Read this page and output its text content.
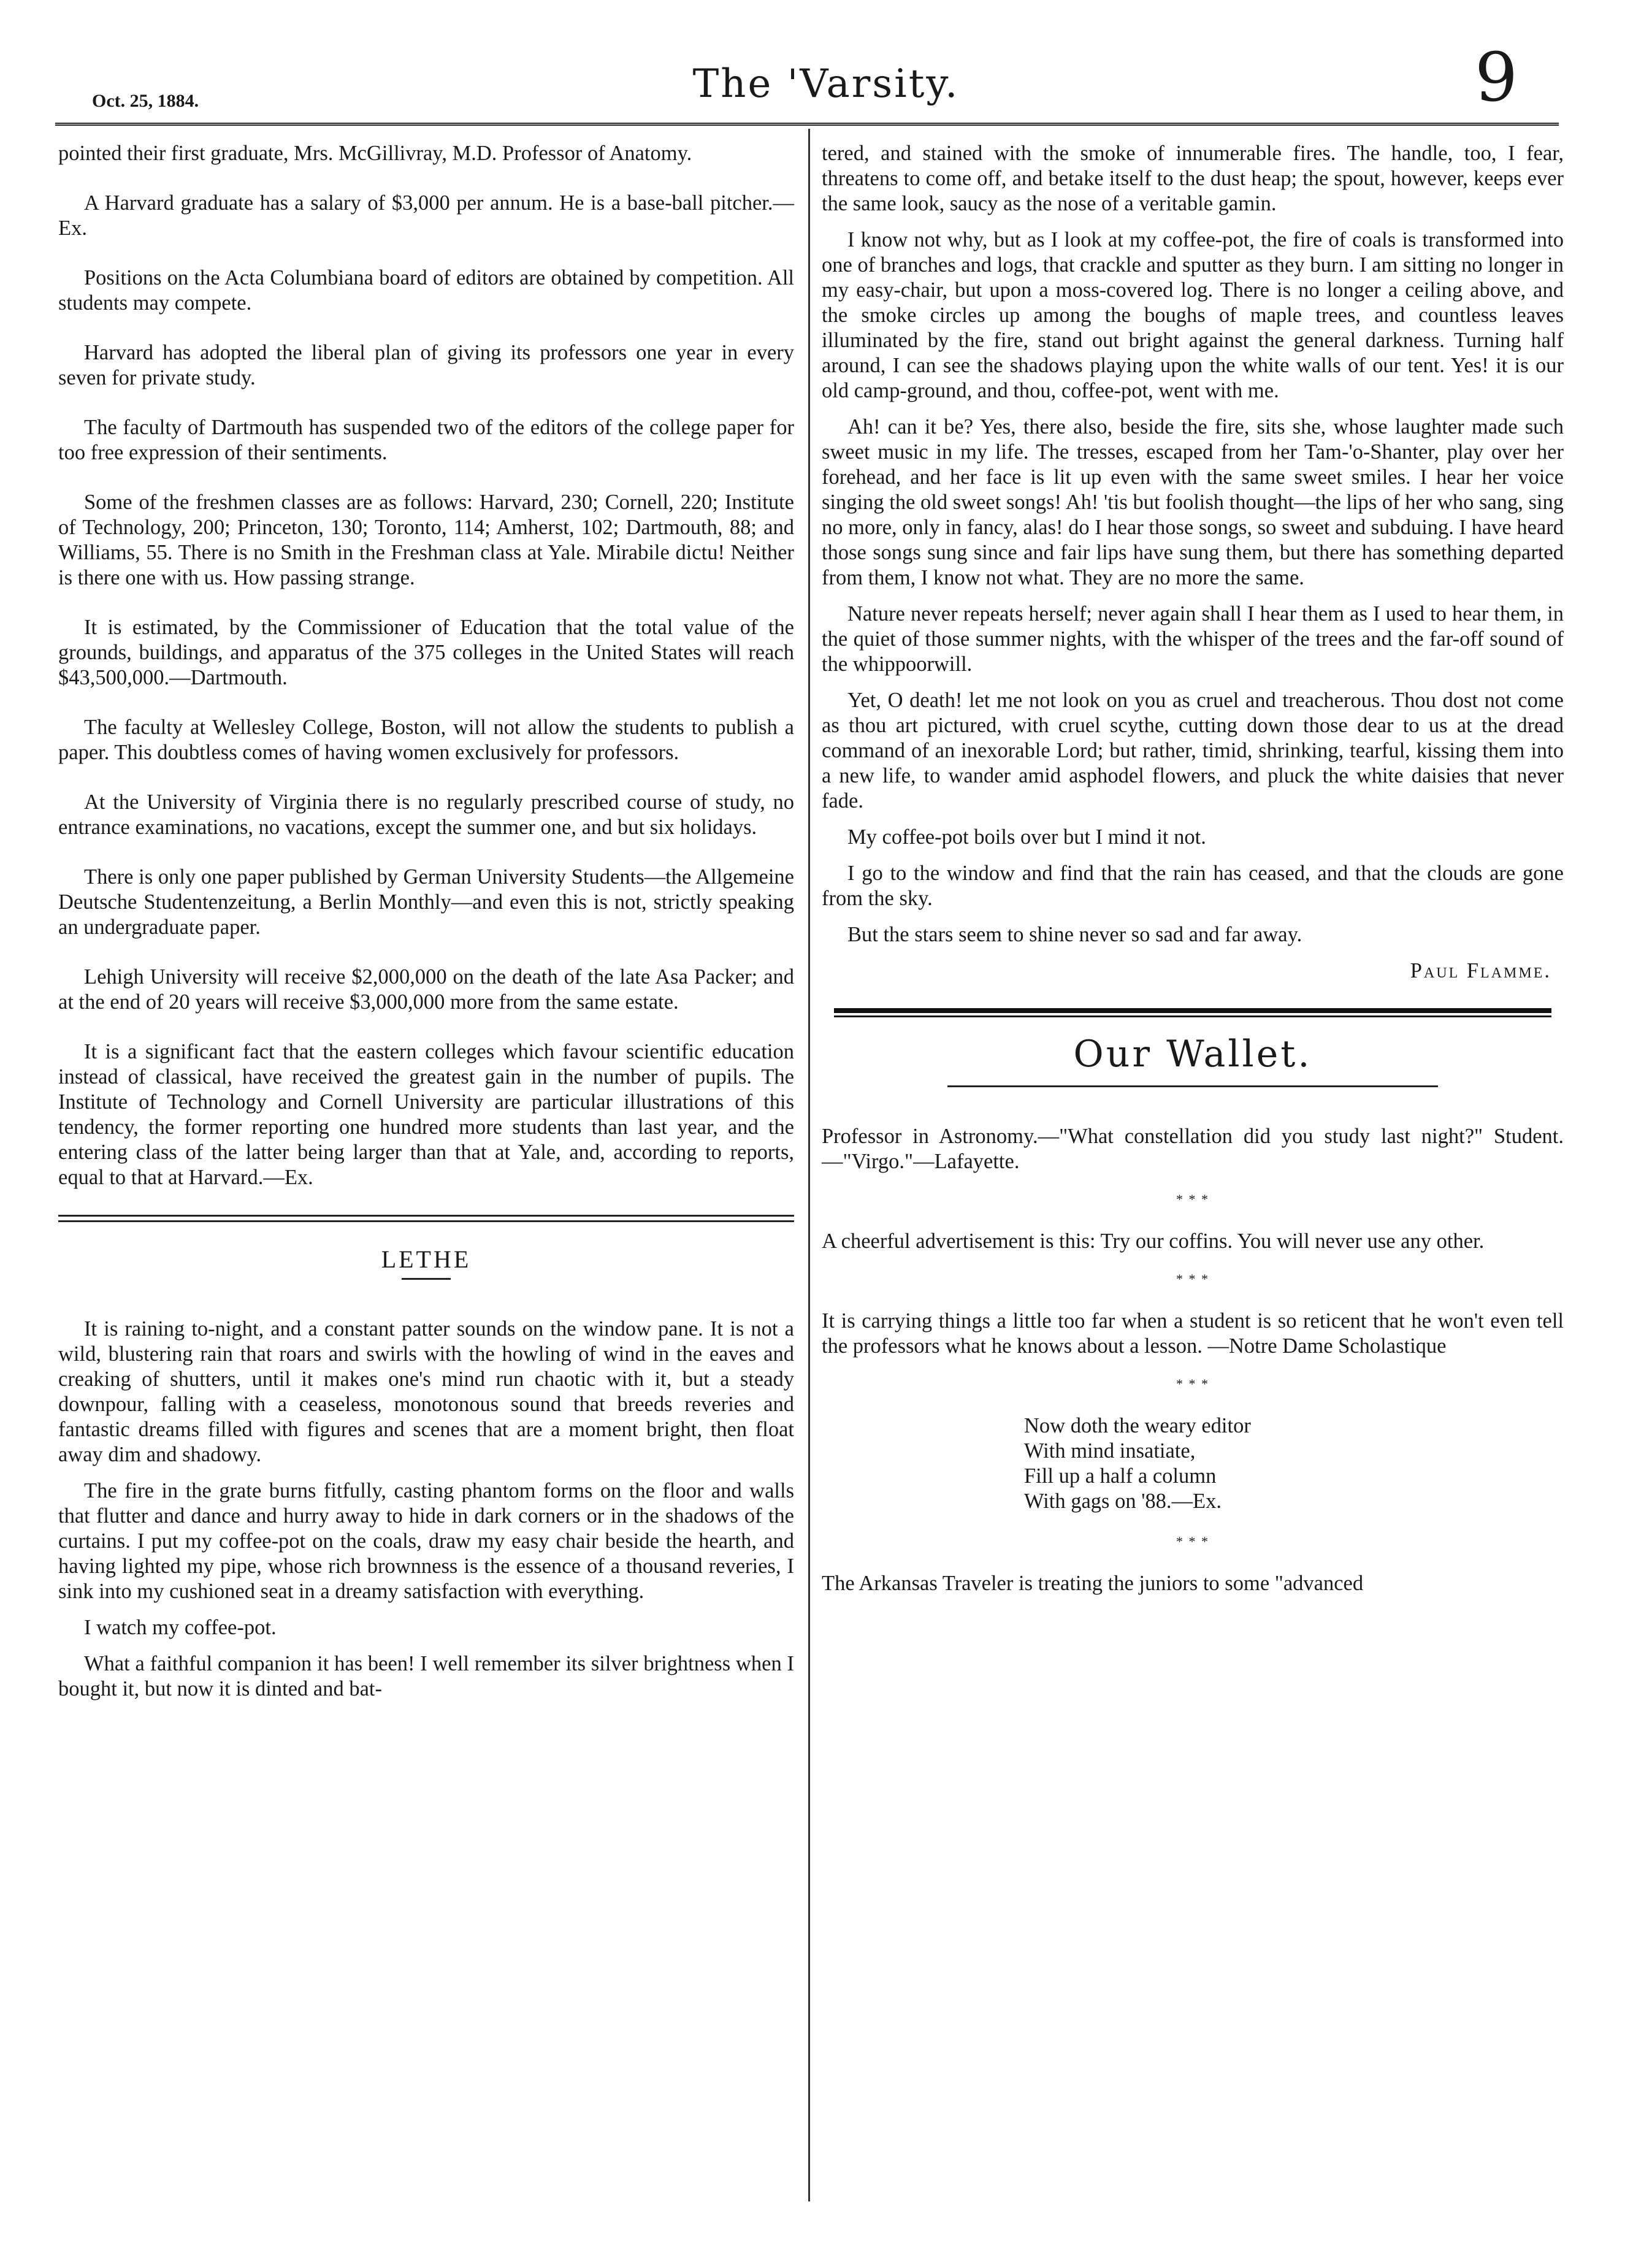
Oct. 25, 1884.	The 'Varsity.	9

pointed their first graduate, Mrs. McGillivray, M.D. Professor of Anatomy.

A Harvard graduate has a salary of $3,000 per annum. He is a base-ball pitcher.—Ex.

Positions on the Acta Columbiana board of editors are obtained by competition. All students may compete.

Harvard has adopted the liberal plan of giving its professors one year in every seven for private study.

The faculty of Dartmouth has suspended two of the editors of the college paper for too free expression of their sentiments.

Some of the freshmen classes are as follows: Harvard, 230; Cornell, 220; Institute of Technology, 200; Princeton, 130; Toronto, 114; Amherst, 102; Dartmouth, 88; and Williams, 55. There is no Smith in the Freshman class at Yale. Mirabile dictu! Neither is there one with us. How passing strange.

It is estimated, by the Commissioner of Education that the total value of the grounds, buildings, and apparatus of the 375 colleges in the United States will reach $43,500,000.—Dartmouth.

The faculty at Wellesley College, Boston, will not allow the students to publish a paper. This doubtless comes of having women exclusively for professors.

At the University of Virginia there is no regularly prescribed course of study, no entrance examinations, no vacations, except the summer one, and but six holidays.

There is only one paper published by German University Students—the Allgemeine Deutsche Studentenzeitung, a Berlin Monthly—and even this is not, strictly speaking an undergraduate paper.

Lehigh University will receive $2,000,000 on the death of the late Asa Packer; and at the end of 20 years will receive $3,000,000 more from the same estate.

It is a significant fact that the eastern colleges which favour scientific education instead of classical, have received the greatest gain in the number of pupils. The Institute of Technology and Cornell University are particular illustrations of this tendency, the former reporting one hundred more students than last year, and the entering class of the latter being larger than that at Yale, and, according to reports, equal to that at Harvard.—Ex.

LETHE

It is raining to-night, and a constant patter sounds on the window pane. It is not a wild, blustering rain that roars and swirls with the howling of wind in the eaves and creaking of shutters, until it makes one's mind run chaotic with it, but a steady downpour, falling with a ceaseless, monotonous sound that breeds reveries and fantastic dreams filled with figures and scenes that are a moment bright, then float away dim and shadowy.

The fire in the grate burns fitfully, casting phantom forms on the floor and walls that flutter and dance and hurry away to hide in dark corners or in the shadows of the curtains. I put my coffee-pot on the coals, draw my easy chair beside the hearth, and having lighted my pipe, whose rich brownness is the essence of a thousand reveries, I sink into my cushioned seat in a dreamy satisfaction with everything.

I watch my coffee-pot.

What a faithful companion it has been! I well remember its silver brightness when I bought it, but now it is dinted and bat-

tered, and stained with the smoke of innumerable fires. The handle, too, I fear, threatens to come off, and betake itself to the dust heap; the spout, however, keeps ever the same look, saucy as the nose of a veritable gamin.

I know not why, but as I look at my coffee-pot, the fire of coals is transformed into one of branches and logs, that crackle and sputter as they burn. I am sitting no longer in my easy-chair, but upon a moss-covered log. There is no longer a ceiling above, and the smoke circles up among the boughs of maple trees, and countless leaves illuminated by the fire, stand out bright against the general darkness. Turning half around, I can see the shadows playing upon the white walls of our tent. Yes! it is our old camp-ground, and thou, coffee-pot, went with me.

Ah! can it be? Yes, there also, beside the fire, sits she, whose laughter made such sweet music in my life. The tresses, escaped from her Tam-'o-Shanter, play over her forehead, and her face is lit up even with the same sweet smiles. I hear her voice singing the old sweet songs! Ah! 'tis but foolish thought—the lips of her who sang, sing no more, only in fancy, alas! do I hear those songs, so sweet and subduing. I have heard those songs sung since and fair lips have sung them, but there has something departed from them, I know not what. They are no more the same.

Nature never repeats herself; never again shall I hear them as I used to hear them, in the quiet of those summer nights, with the whisper of the trees and the far-off sound of the whippoorwill.

Yet, O death! let me not look on you as cruel and treacherous. Thou dost not come as thou art pictured, with cruel scythe, cutting down those dear to us at the dread command of an inexorable Lord; but rather, timid, shrinking, tearful, kissing them into a new life, to wander amid asphodel flowers, and pluck the white daisies that never fade.

My coffee-pot boils over but I mind it not.

I go to the window and find that the rain has ceased, and that the clouds are gone from the sky.

But the stars seem to shine never so sad and far away.

Paul Flamme.
Our Wallet.

Professor in Astronomy.—"What constellation did you study last night?" Student.—"Virgo."—Lafayette.

* * *

A cheerful advertisement is this: Try our coffins. You will never use any other.

* * *

It is carrying things a little too far when a student is so reticent that he won't even tell the professors what he knows about a lesson. —Notre Dame Scholastique

* * *
Now doth the weary editor
With mind insatiate,
Fill up a half a column
With gags on '88.—Ex.
* * *

The Arkansas Traveler is treating the juniors to some "advanced
